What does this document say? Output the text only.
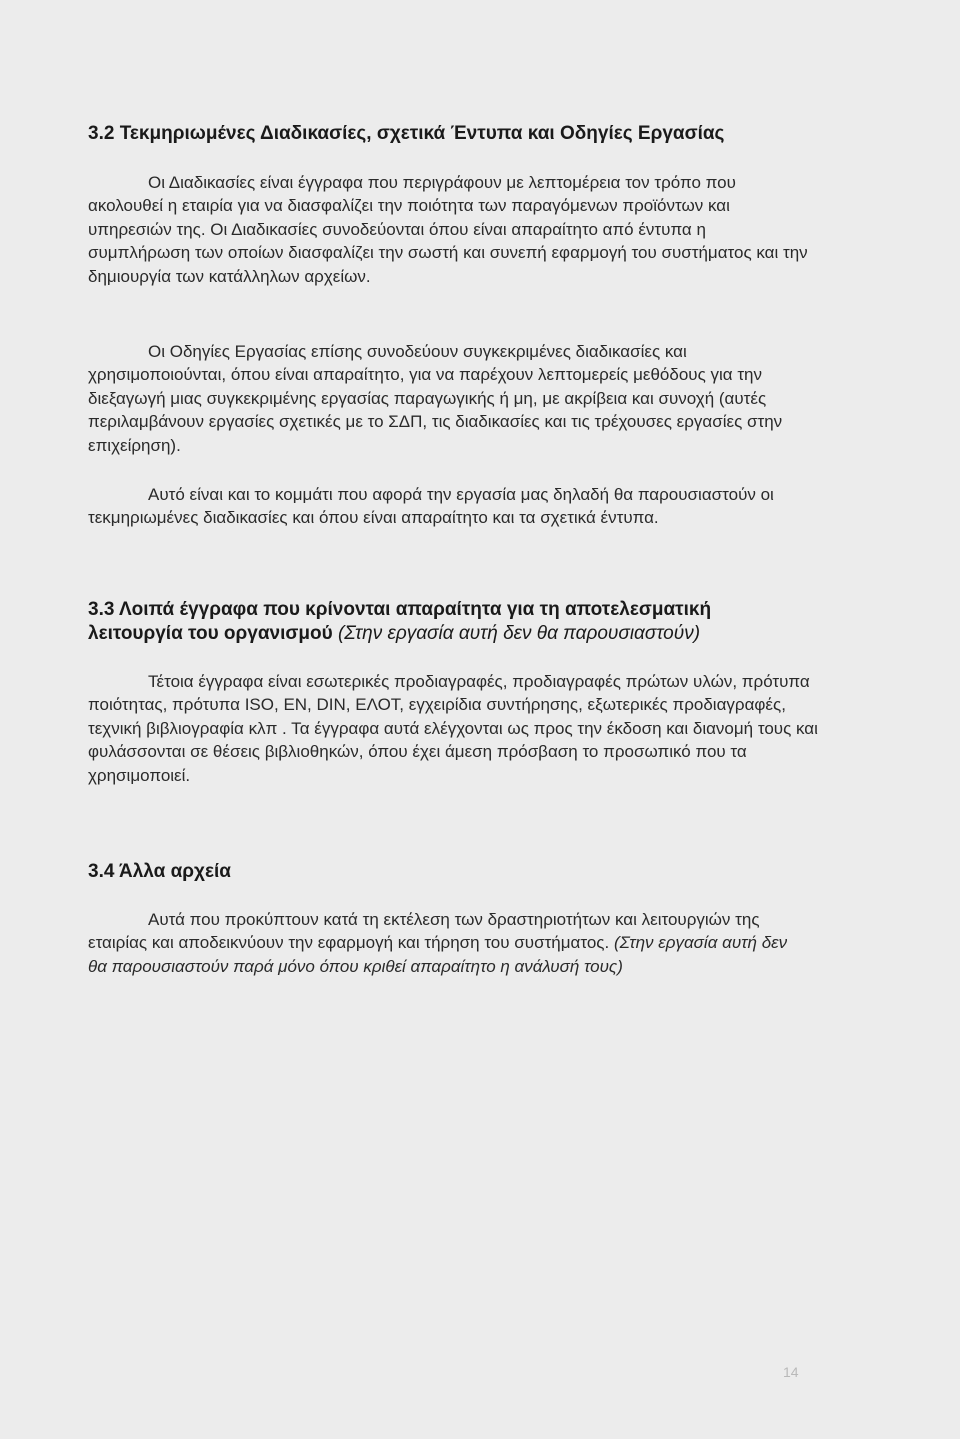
3.2 Τεκμηριωμένες Διαδικασίες, σχετικά Έντυπα και Οδηγίες Εργασίας

Οι Διαδικασίες είναι έγγραφα που περιγράφουν με λεπτομέρεια τον τρόπο που ακολουθεί η εταιρία για να διασφαλίζει την ποιότητα των παραγόμενων προϊόντων και υπηρεσιών της. Οι Διαδικασίες συνοδεύονται όπου είναι απαραίτητο από έντυπα η συμπλήρωση των οποίων διασφαλίζει την σωστή και συνεπή εφαρμογή του συστήματος και την δημιουργία των κατάλληλων αρχείων.

Οι Οδηγίες Εργασίας επίσης συνοδεύουν συγκεκριμένες διαδικασίες και χρησιμοποιούνται, όπου είναι απαραίτητο, για να παρέχουν λεπτομερείς μεθόδους για την διεξαγωγή μιας συγκεκριμένης εργασίας παραγωγικής ή μη, με ακρίβεια και συνοχή (αυτές περιλαμβάνουν εργασίες σχετικές με το ΣΔΠ, τις διαδικασίες και τις τρέχουσες εργασίες στην επιχείρηση).

Αυτό είναι και το κομμάτι που αφορά την εργασία μας δηλαδή θα παρουσιαστούν οι τεκμηριωμένες διαδικασίες και όπου είναι απαραίτητο και τα σχετικά έντυπα.

3.3 Λοιπά έγγραφα που κρίνονται απαραίτητα για τη αποτελεσματική λειτουργία του οργανισμού (Στην εργασία αυτή δεν θα παρουσιαστούν)

Τέτοια έγγραφα είναι εσωτερικές προδιαγραφές, προδιαγραφές πρώτων υλών, πρότυπα ποιότητας, πρότυπα ISO, EN, DIN, ΕΛΟΤ, εγχειρίδια συντήρησης, εξωτερικές προδιαγραφές, τεχνική βιβλιογραφία κλπ . Τα έγγραφα αυτά ελέγχονται ως προς την έκδοση και διανομή τους και φυλάσσονται σε θέσεις βιβλιοθηκών, όπου έχει άμεση πρόσβαση το προσωπικό που τα χρησιμοποιεί.

3.4 Άλλα αρχεία

Αυτά που προκύπτουν κατά τη εκτέλεση των δραστηριοτήτων και λειτουργιών της εταιρίας και αποδεικνύουν την εφαρμογή και τήρηση του συστήματος. (Στην εργασία αυτή δεν θα παρουσιαστούν παρά μόνο όπου κριθεί απαραίτητο η ανάλυσή τους)

14
